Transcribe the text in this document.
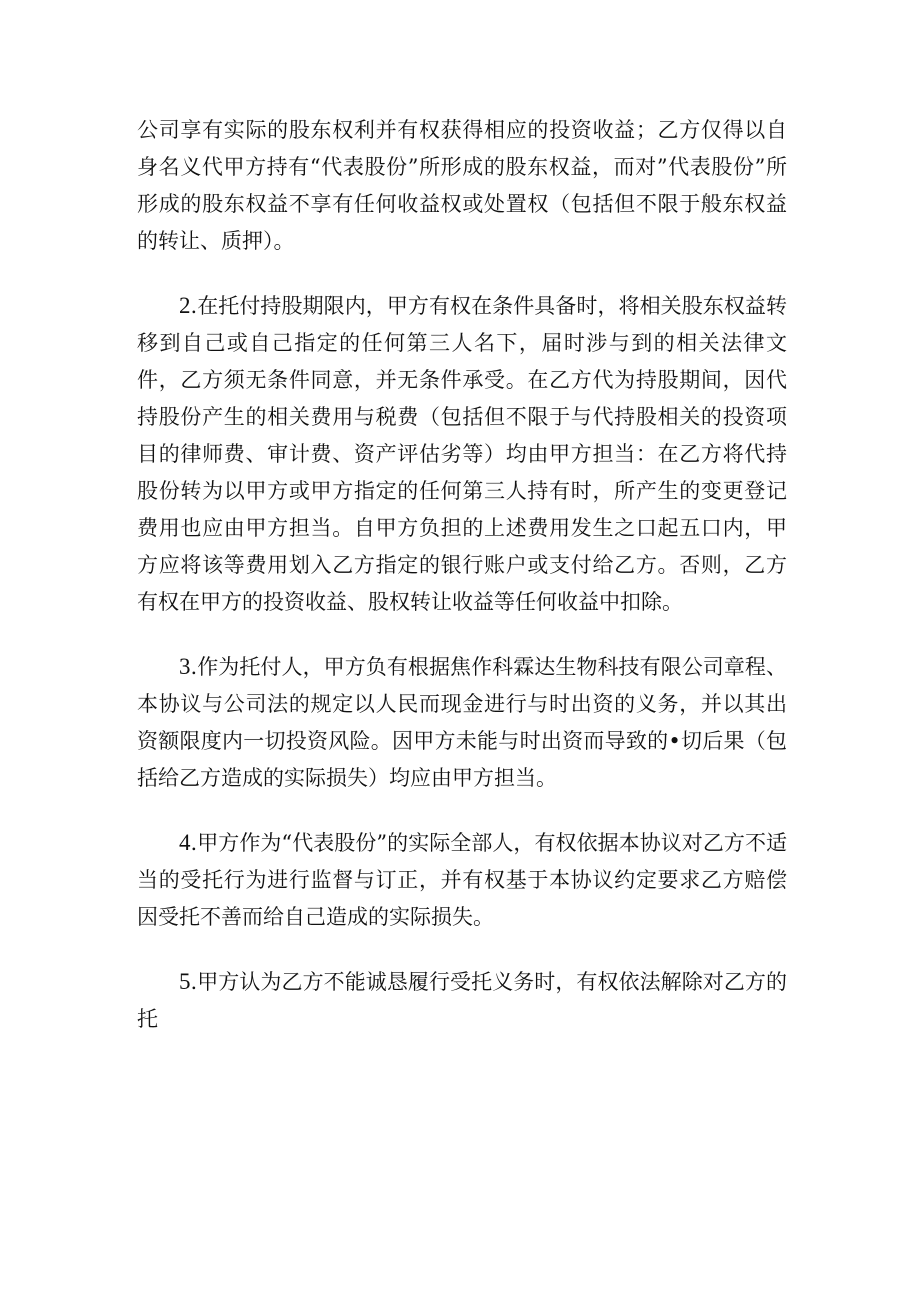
公司享有实际的股东权利并有权获得相应的投资收益；乙方仅得以自身名义代甲方持有“代表股份”所形成的股东权益，而对”代表股份”所形成的股东权益不享有任何收益权或处置权（包括但不限于般东权益的转让、质押）。

2.在托付持股期限内，甲方有权在条件具备时，将相关股东权益转移到自己或自己指定的任何第三人名下，届时涉与到的相关法律文件，乙方须无条件同意，并无条件承受。在乙方代为持股期间，因代持股份产生的相关费用与税费（包括但不限于与代持股相关的投资项目的律师费、审计费、资产评估劣等）均由甲方担当：在乙方将代持股份转为以甲方或甲方指定的任何第三人持有时，所产生的变更登记费用也应由甲方担当。自甲方负担的上述费用发生之口起五口内，甲方应将该等费用划入乙方指定的银行账户或支付给乙方。否则，乙方有权在甲方的投资收益、股权转让收益等任何收益中扣除。

3.作为托付人，甲方负有根据焦作科霖达生物科技有限公司章程、本协议与公司法的规定以人民而现金进行与时出资的义务，并以其出资额限度内一切投资风险。因甲方未能与时出资而导致的•切后果（包括给乙方造成的实际损失）均应由甲方担当。

4.甲方作为“代表股份”的实际全部人，有权依据本协议对乙方不适当的受托行为进行监督与订正，并有权基于本协议约定要求乙方赔偿因受托不善而给自己造成的实际损失。

5.甲方认为乙方不能诚恳履行受托义务时，有权依法解除对乙方的托
